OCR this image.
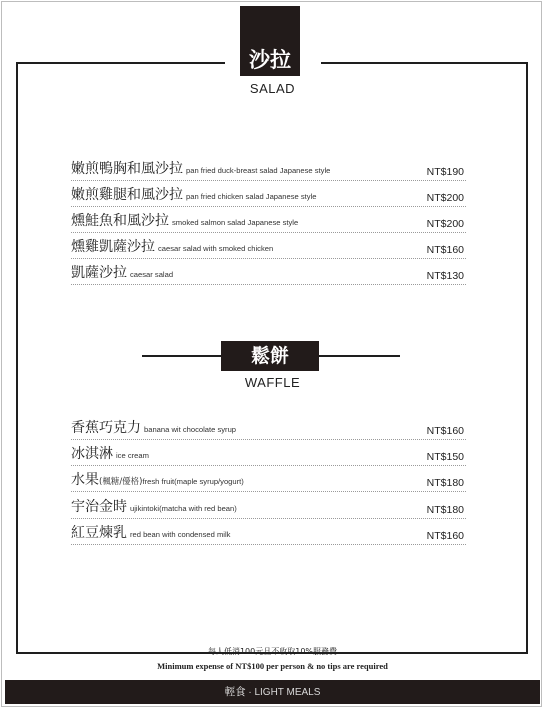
沙拉
SALAD
嫩煎鴨胸和風沙拉 pan fried duck-breast salad Japanese style	NT$190
嫩煎雞腿和風沙拉 pan fried chicken salad Japanese style	NT$200
燻鮭魚和風沙拉 smoked salmon salad Japanese style	NT$200
燻雞凱薩沙拉 caesar salad with smoked chicken	NT$160
凱薩沙拉 caesar salad	NT$130
鬆餅
WAFFLE
香蕉巧克力 banana wit chocolate syrup	NT$160
冰淇淋 ice cream	NT$150
水果(楓糖/優格)fresh fruit(maple syrup/yogurt)	NT$180
宇治金時 ujikintoki(matcha with red bean)	NT$180
紅豆煉乳 red bean with condensed milk	NT$160
每人低消100元且不收取10%服務費
Minimum expense of NT$100 per person & no tips are required
輕食 · LIGHT MEALS
